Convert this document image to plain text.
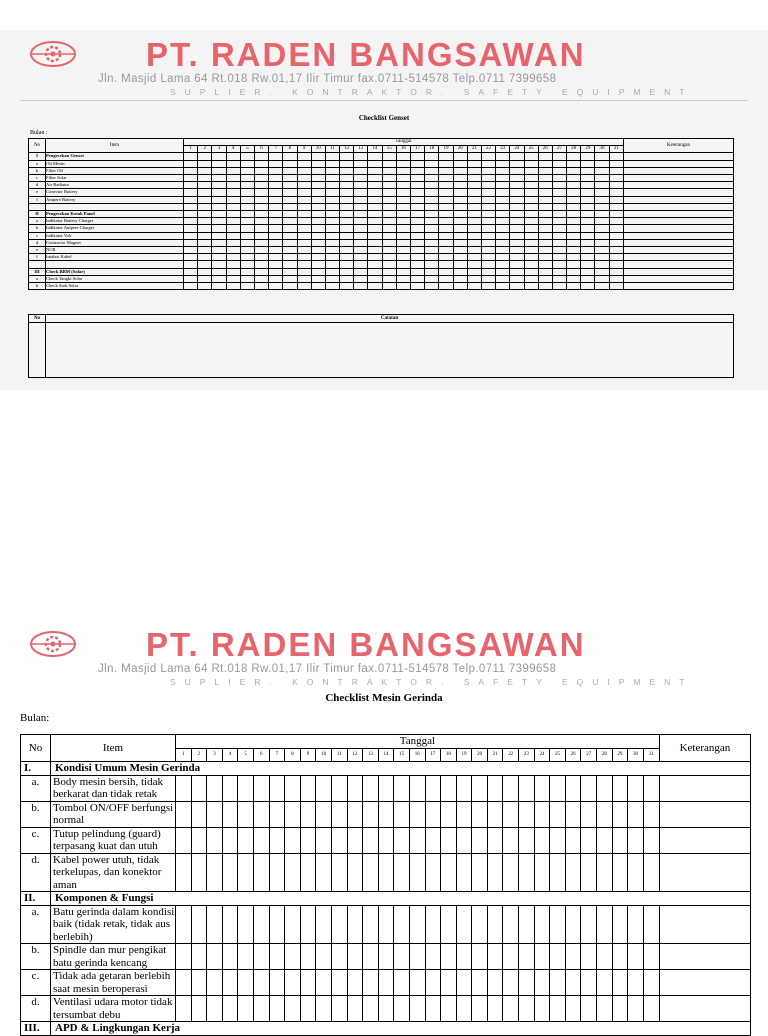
PT. RADEN BANGSAWAN
Jln. Masjid Lama 64 Rt.018 Rw.01,17 Ilir Timur fax.0711-514578 Telp.0711 7399658
SUPLIER. KONTRAKTOR. SAFETY EQUIPMENT
Checklist Genset
Bulan :
No	Item	Tanggal																															Keterangan
		1	2	3	4	5	6	7	8	9	10	11	12	13	14	15	16	17	18	19	20	21	22	23	24	25	26	27	28	29	30	31	
I	Pengecekan Genset																																
a	Oli Mesin																																
b	Filter Oli																																
c	Filter Solar																																
d	Air Radiator																																
e	Conector Battery																																
f	Ampere Battery																																

II	Pengecekan Kotak Panel																																
a	Indikator Battery Charger																																
b	Indikator Ampere Charger																																
c	Indikator Volt																																
d	Contractor Magnet																																
e	NCB																																
f	Intalasi Kabel																																

III	Check BBM (Solar)																																
a	Check Tangki Solar																																
b	Check Stok Solar																																
No	Catatan

PT. RADEN BANGSAWAN
Jln. Masjid Lama 64 Rt.018 Rw.01,17 Ilir Timur fax.0711-514578 Telp.0711 7399658
SUPLIER. KONTRAKTOR. SAFETY EQUIPMENT
Checklist Mesin Gerinda
Bulan:
No	Item	Tanggal																															Keterangan
		1	2	3	4	5	6	7	8	9	10	11	12	13	14	15	16	17	18	19	20	21	22	23	24	25	26	27	28	29	30	31	
I.	Kondisi Umum Mesin Gerinda																																
a.	Body mesin bersih, tidak berkarat dan tidak retak																																
b.	Tombol ON/OFF berfungsi normal																																
c.	Tutup pelindung (guard) terpasang kuat dan utuh																																
d.	Kabel power utuh, tidak terkelupas, dan konektor aman																																
II.	Komponen & Fungsi																																
a.	Batu gerinda dalam kondisi baik (tidak retak, tidak aus berlebih)																																
b.	Spindle dan mur pengikat batu gerinda kencang																																
c.	Tidak ada getaran berlebih saat mesin beroperasi																																
d.	Ventilasi udara motor tidak tersumbat debu																																
III.	APD & Lingkungan Kerja																																
